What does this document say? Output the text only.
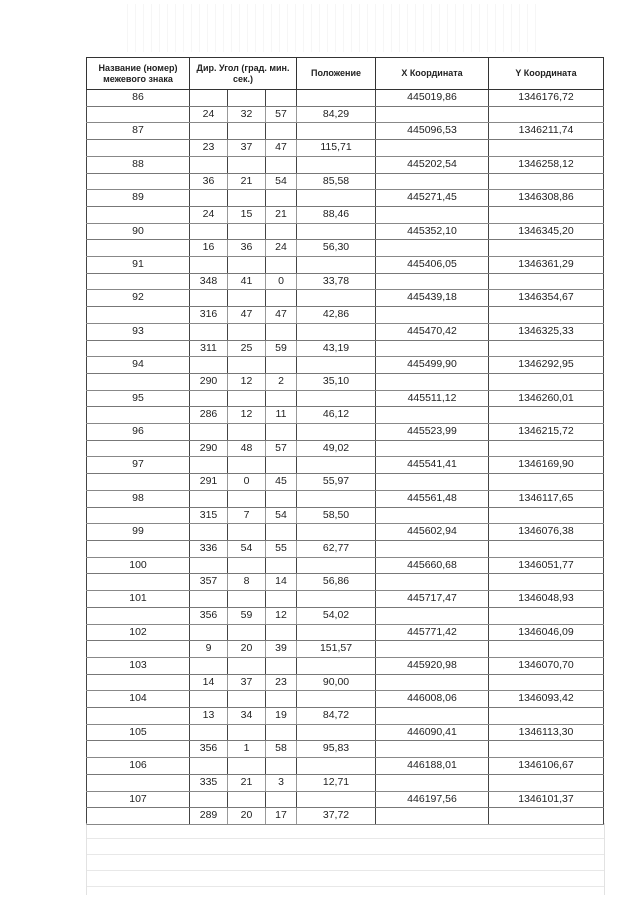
Название (номер) межевого знака	Дир. Угол (град. мин. сек.)			Положение	X Координата	Y Координата
86					445019,86	1346176,72
	24	32	57	84,29		
87					445096,53	1346211,74
	23	37	47	115,71		
88					445202,54	1346258,12
	36	21	54	85,58		
89					445271,45	1346308,86
	24	15	21	88,46		
90					445352,10	1346345,20
	16	36	24	56,30		
91					445406,05	1346361,29
	348	41	0	33,78		
92					445439,18	1346354,67
	316	47	47	42,86		
93					445470,42	1346325,33
	311	25	59	43,19		
94					445499,90	1346292,95
	290	12	2	35,10		
95					445511,12	1346260,01
	286	12	11	46,12		
96					445523,99	1346215,72
	290	48	57	49,02		
97					445541,41	1346169,90
	291	0	45	55,97		
98					445561,48	1346117,65
	315	7	54	58,50		
99					445602,94	1346076,38
	336	54	55	62,77		
100					445660,68	1346051,77
	357	8	14	56,86		
101					445717,47	1346048,93
	356	59	12	54,02		
102					445771,42	1346046,09
	9	20	39	151,57		
103					445920,98	1346070,70
	14	37	23	90,00		
104					446008,06	1346093,42
	13	34	19	84,72		
105					446090,41	1346113,30
	356	1	58	95,83		
106					446188,01	1346106,67
	335	21	3	12,71		
107					446197,56	1346101,37
	289	20	17	37,72		
